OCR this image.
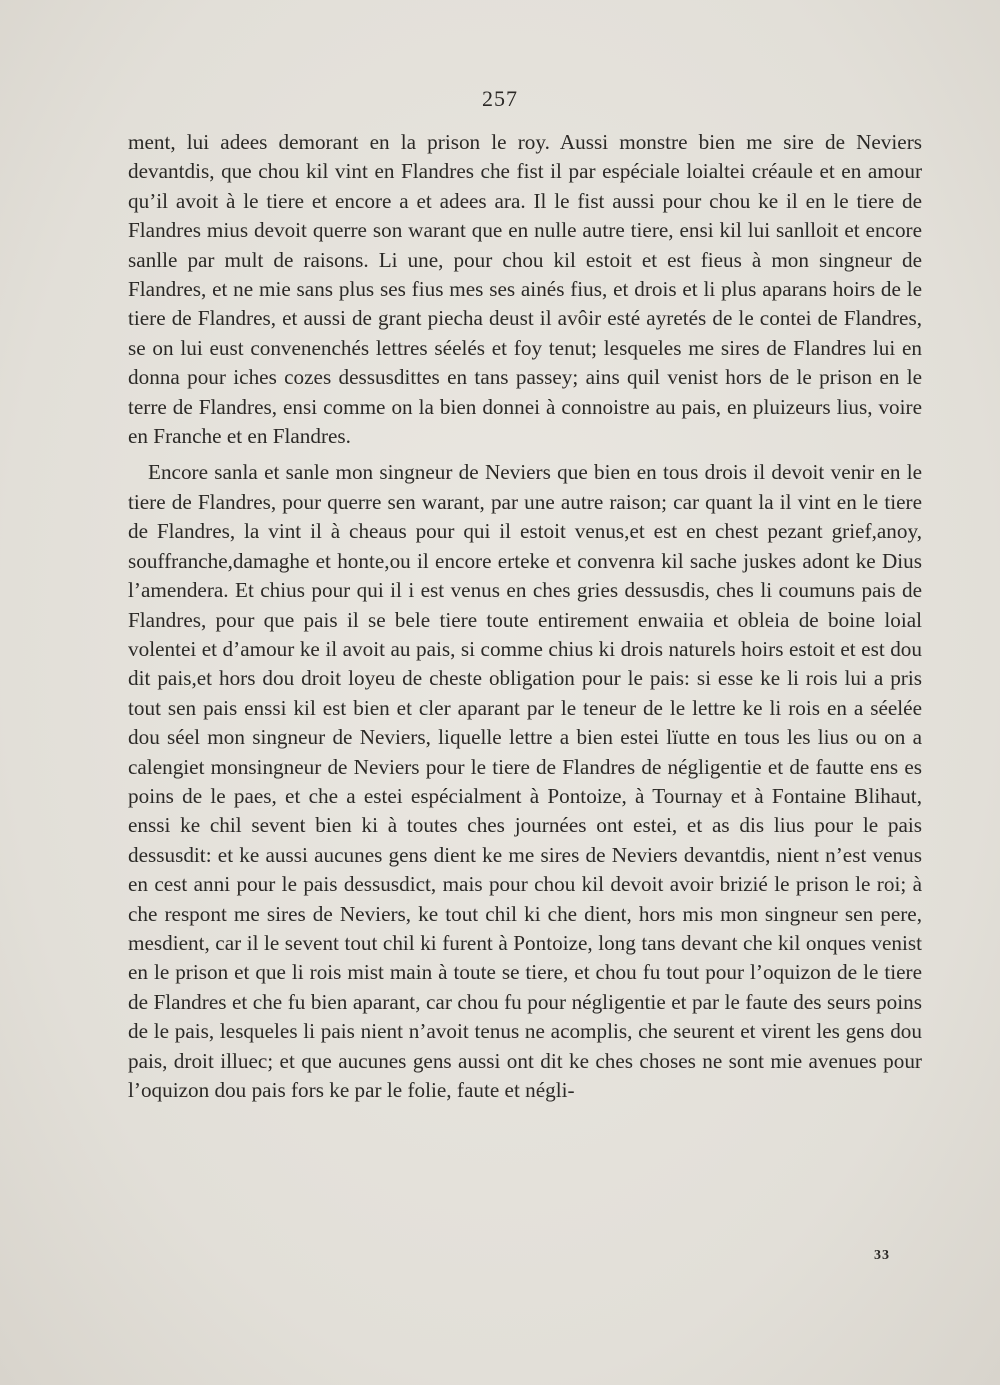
257

ment, lui adees demorant en la prison le roy. Aussi monstre bien me sire de Neviers devantdis, que chou kil vint en Flandres che fist il par espéciale loialtei créaule et en amour qu’il avoit à le tiere et encore a et adees ara. Il le fist aussi pour chou ke il en le tiere de Flandres mius devoit querre son warant que en nulle autre tiere, ensi kil lui sanlloit et encore sanlle par mult de raisons. Li une, pour chou kil estoit et est fieus à mon singneur de Flandres, et ne mie sans plus ses fius mes ses ainés fius, et drois et li plus aparans hoirs de le tiere de Flandres, et aussi de grant piecha deust il avôir esté ayretés de le contei de Flandres, se on lui eust convenenchés lettres séelés et foy tenut; lesqueles me sires de Flandres lui en donna pour iches cozes dessusdittes en tans passey; ains quil venist hors de le prison en le terre de Flandres, ensi comme on la bien donnei à connoistre au pais, en pluizeurs lius, voire en Franche et en Flandres.

Encore sanla et sanle mon singneur de Neviers que bien en tous drois il devoit venir en le tiere de Flandres, pour querre sen warant, par une autre raison; car quant la il vint en le tiere de Flandres, la vint il à cheaus pour qui il estoit venus,et est en chest pezant grief,anoy, souffranche,damaghe et honte,ou il encore erteke et convenra kil sache juskes adont ke Dius l’amendera. Et chius pour qui il i est venus en ches gries dessusdis, ches li coumuns pais de Flandres, pour que pais il se bele tiere toute entirement enwaiia et obleia de boine loial volentei et d’amour ke il avoit au pais, si comme chius ki drois naturels hoirs estoit et est dou dit pais,et hors dou droit loyeu de cheste obligation pour le pais: si esse ke li rois lui a pris tout sen pais enssi kil est bien et cler aparant par le teneur de le lettre ke li rois en a séelée dou séel mon singneur de Neviers, liquelle lettre a bien estei lïutte en tous les lius ou on a calengiet monsingneur de Neviers pour le tiere de Flandres de négligentie et de fautte ens es poins de le paes, et che a estei espécialment à Pontoize, à Tournay et à Fontaine Blihaut, enssi ke chil sevent bien ki à toutes ches journées ont estei, et as dis lius pour le pais dessusdit: et ke aussi aucunes gens dient ke me sires de Neviers devantdis, nient n’est venus en cest anni pour le pais dessusdict, mais pour chou kil devoit avoir brizié le prison le roi; à che respont me sires de Neviers, ke tout chil ki che dient, hors mis mon singneur sen pere, mesdient, car il le sevent tout chil ki furent à Pontoize, long tans devant che kil onques venist en le prison et que li rois mist main à toute se tiere, et chou fu tout pour l’oquizon de le tiere de Flandres et che fu bien aparant, car chou fu pour négligentie et par le faute des seurs poins de le pais, lesqueles li pais nient n’avoit tenus ne acomplis, che seurent et virent les gens dou pais, droit illuec; et que aucunes gens aussi ont dit ke ches choses ne sont mie avenues pour l’oquizon dou pais fors ke par le folie, faute et négli-

33
